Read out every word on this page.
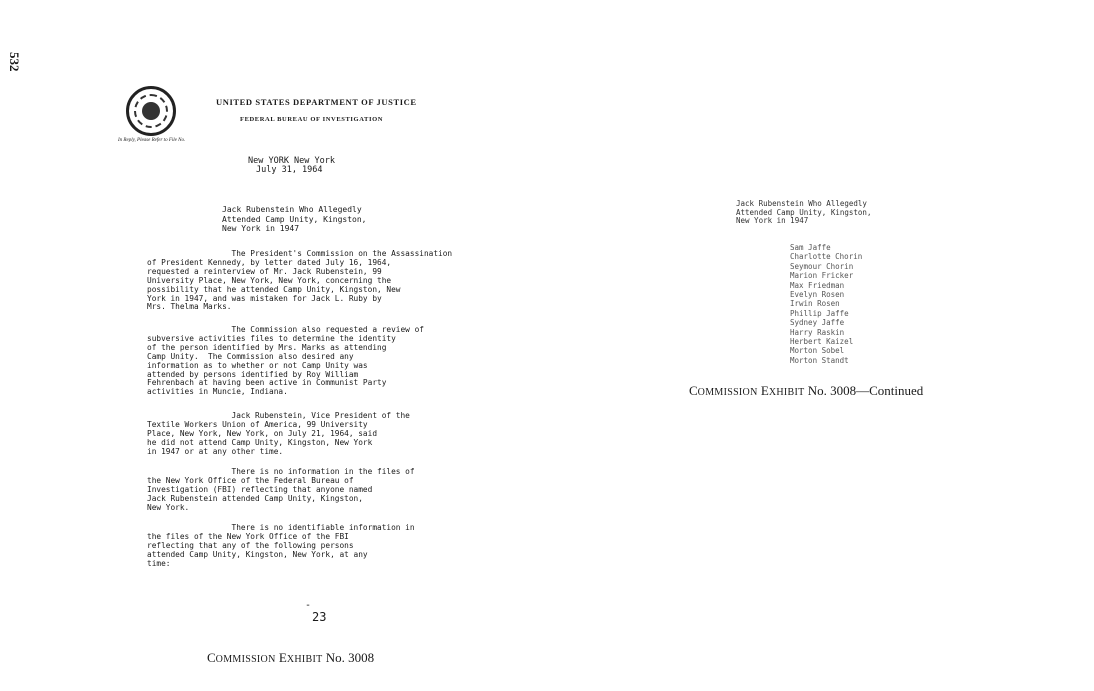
532
UNITED STATES DEPARTMENT OF JUSTICE
FEDERAL BUREAU OF INVESTIGATION
In Reply, Please Refer to File No.
New YORK New York
July 31, 1964
Jack Rubenstein Who Allegedly
Attended Camp Unity, Kingston,
New York in 1947
The President's Commission on the Assassination
of President Kennedy, by letter dated July 16, 1964,
requested a reinterview of Mr. Jack Rubenstein, 99
University Place, New York, New York, concerning the
possibility that he attended Camp Unity, Kingston, New
York in 1947, and was mistaken for Jack L. Ruby by
Mrs. Thelma Marks.
The Commission also requested a review of
subversive activities files to determine the identity
of the person identified by Mrs. Marks as attending
Camp Unity.  The Commission also desired any
information as to whether or not Camp Unity was
attended by persons identified by Roy William
Fehrenbach at having been active in Communist Party
activities in Muncie, Indiana.
Jack Rubenstein, Vice President of the
Textile Workers Union of America, 99 University
Place, New York, New York, on July 21, 1964, said
he did not attend Camp Unity, Kingston, New York
in 1947 or at any other time.
There is no information in the files of
the New York Office of the Federal Bureau of
Investigation (FBI) reflecting that anyone named
Jack Rubenstein attended Camp Unity, Kingston,
New York.
There is no identifiable information in
the files of the New York Office of the FBI
reflecting that any of the following persons
attended Camp Unity, Kingston, New York, at any
time:
-
23
COMMISSION EXHIBIT No. 3008
Jack Rubenstein Who Allegedly
Attended Camp Unity, Kingston,
New York in 1947
Sam Jaffe
Charlotte Chorin
Seymour Chorin
Marion Fricker
Max Friedman
Evelyn Rosen
Irwin Rosen
Phillip Jaffe
Sydney Jaffe
Harry Raskin
Herbert Kaizel
Morton Sobel
Morton Standt
COMMISSION EXHIBIT No. 3008—Continued
